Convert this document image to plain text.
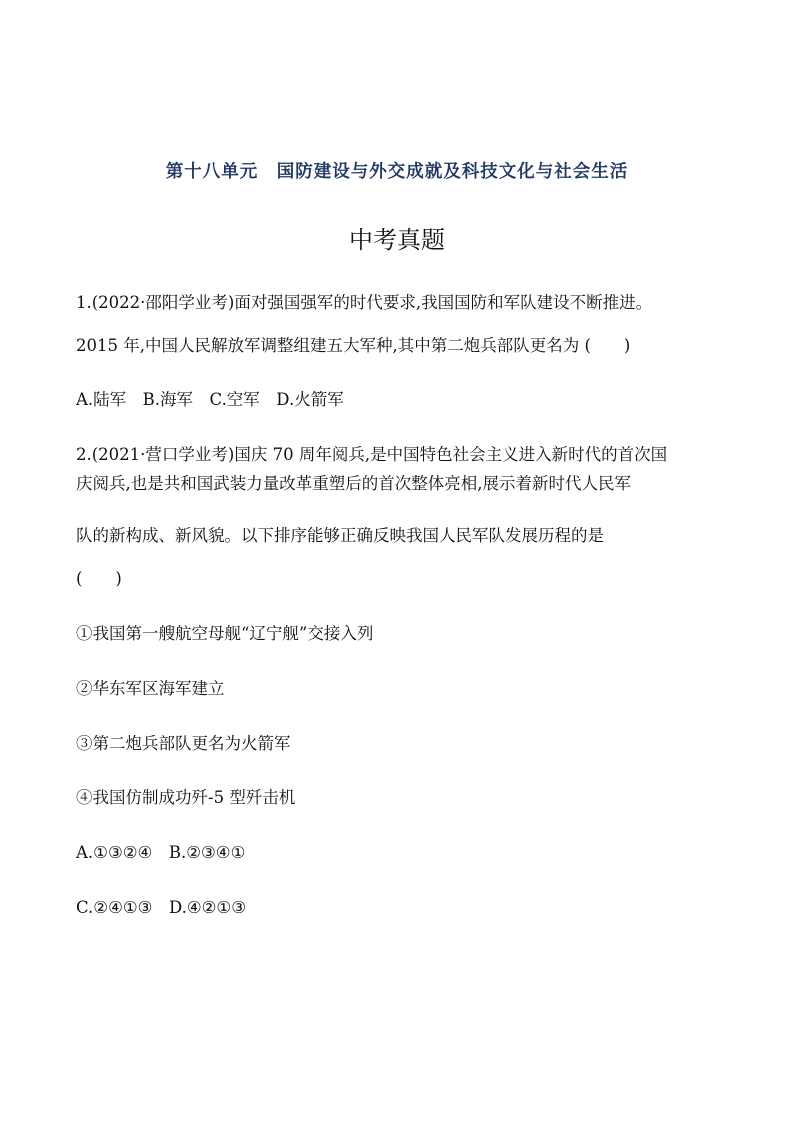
第十八单元　国防建设与外交成就及科技文化与社会生活
中考真题
1.(2022·邵阳学业考)面对强国强军的时代要求,我国国防和军队建设不断推进。
2015 年,中国人民解放军调整组建五大军种,其中第二炮兵部队更名为 (　　)
A.陆军　B.海军　C.空军　D.火箭军
2.(2021·营口学业考)国庆 70 周年阅兵,是中国特色社会主义进入新时代的首次国
庆阅兵,也是共和国武装力量改革重塑后的首次整体亮相,展示着新时代人民军
队的新构成、新风貌。以下排序能够正确反映我国人民军队发展历程的是
(　　)
①我国第一艘航空母舰“辽宁舰”交接入列
②华东军区海军建立
③第二炮兵部队更名为火箭军
④我国仿制成功歼-5 型歼击机
A.①③②④　B.②③④①
C.②④①③　D.④②①③
